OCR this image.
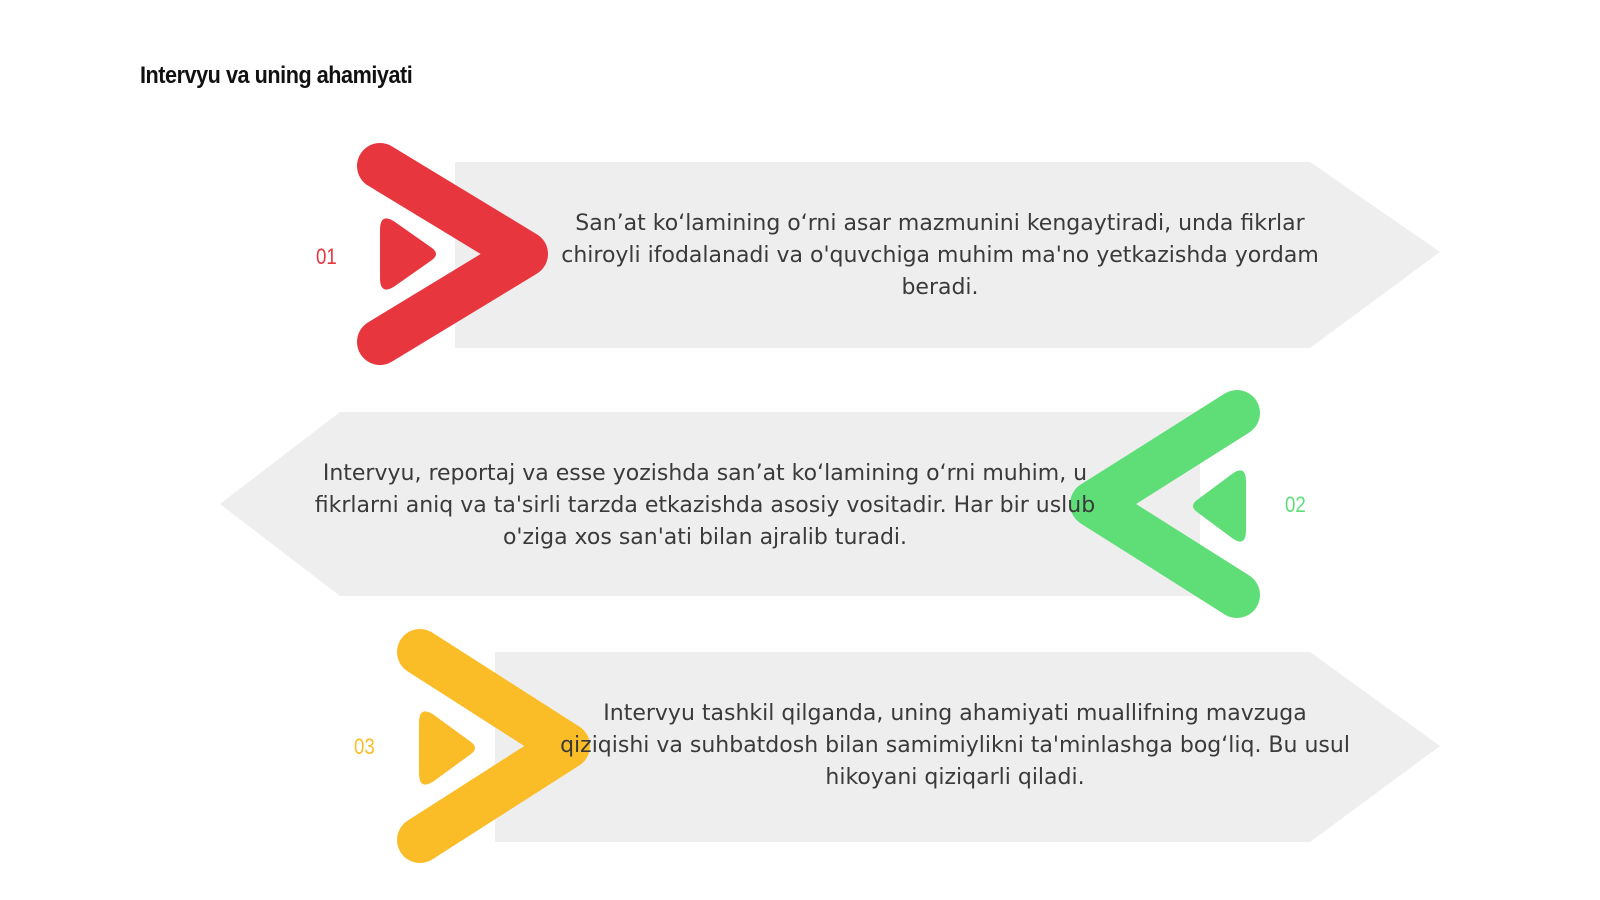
Intervyu va uning ahamiyati
01
02
03
San’at ko‘lamining o‘rni asar mazmunini kengaytiradi, unda fikrlar chiroyli ifodalanadi va o'quvchiga muhim ma'no yetkazishda yordam beradi.
Intervyu, reportaj va esse yozishda san’at ko‘lamining o‘rni muhim, u fikrlarni aniq va ta'sirli tarzda etkazishda asosiy vositadir. Har bir uslub o'ziga xos san'ati bilan ajralib turadi.
Intervyu tashkil qilganda, uning ahamiyati muallifning mavzuga qiziqishi va suhbatdosh bilan samimiylikni ta'minlashga bog‘liq. Bu usul hikoyani qiziqarli qiladi.
